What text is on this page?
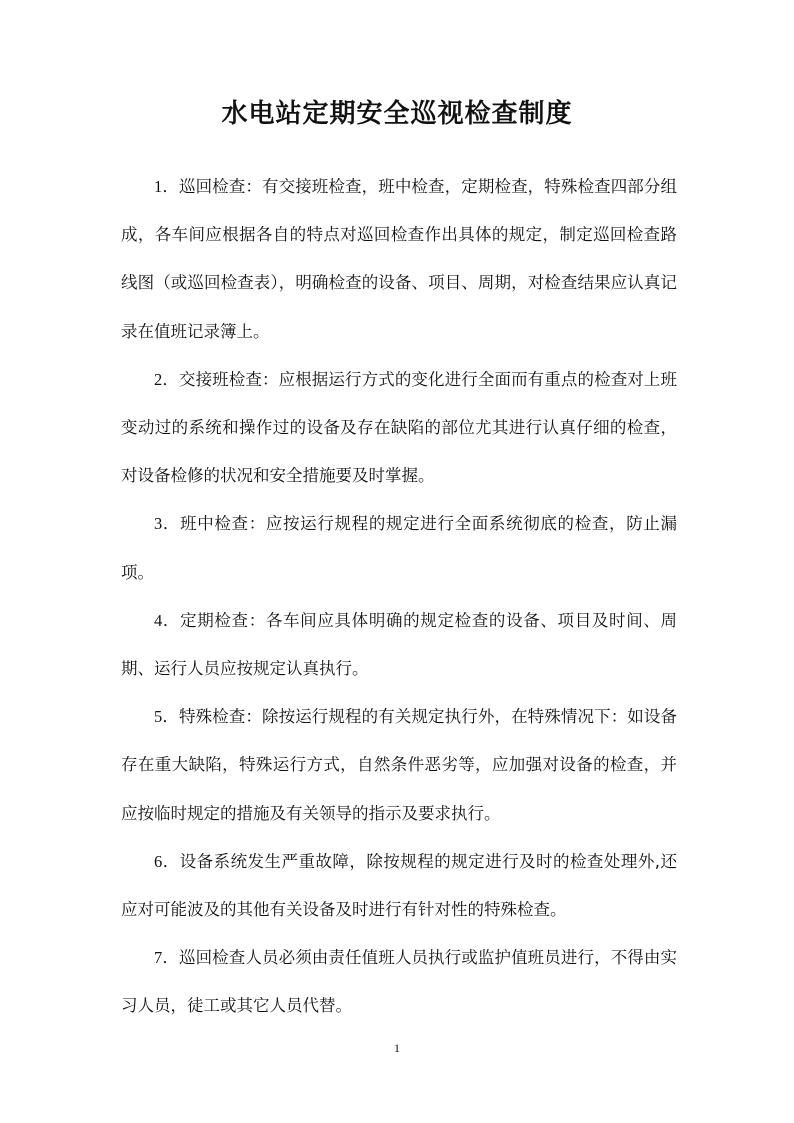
水电站定期安全巡视检查制度

1．巡回检查：有交接班检查，班中检查，定期检查，特殊检查四部分组成，各车间应根据各自的特点对巡回检查作出具体的规定，制定巡回检查路线图（或巡回检查表），明确检查的设备、项目、周期，对检查结果应认真记录在值班记录簿上。

2．交接班检查：应根据运行方式的变化进行全面而有重点的检查对上班变动过的系统和操作过的设备及存在缺陷的部位尤其进行认真仔细的检查，对设备检修的状况和安全措施要及时掌握。

3．班中检查：应按运行规程的规定进行全面系统彻底的检查，防止漏项。

4．定期检查：各车间应具体明确的规定检查的设备、项目及时间、周期、运行人员应按规定认真执行。

5．特殊检查：除按运行规程的有关规定执行外，在特殊情况下：如设备存在重大缺陷，特殊运行方式，自然条件恶劣等，应加强对设备的检查，并应按临时规定的措施及有关领导的指示及要求执行。

6．设备系统发生严重故障，除按规程的规定进行及时的检查处理外,还应对可能波及的其他有关设备及时进行有针对性的特殊检查。

7．巡回检查人员必须由责任值班人员执行或监护值班员进行，不得由实习人员，徒工或其它人员代替。

1
